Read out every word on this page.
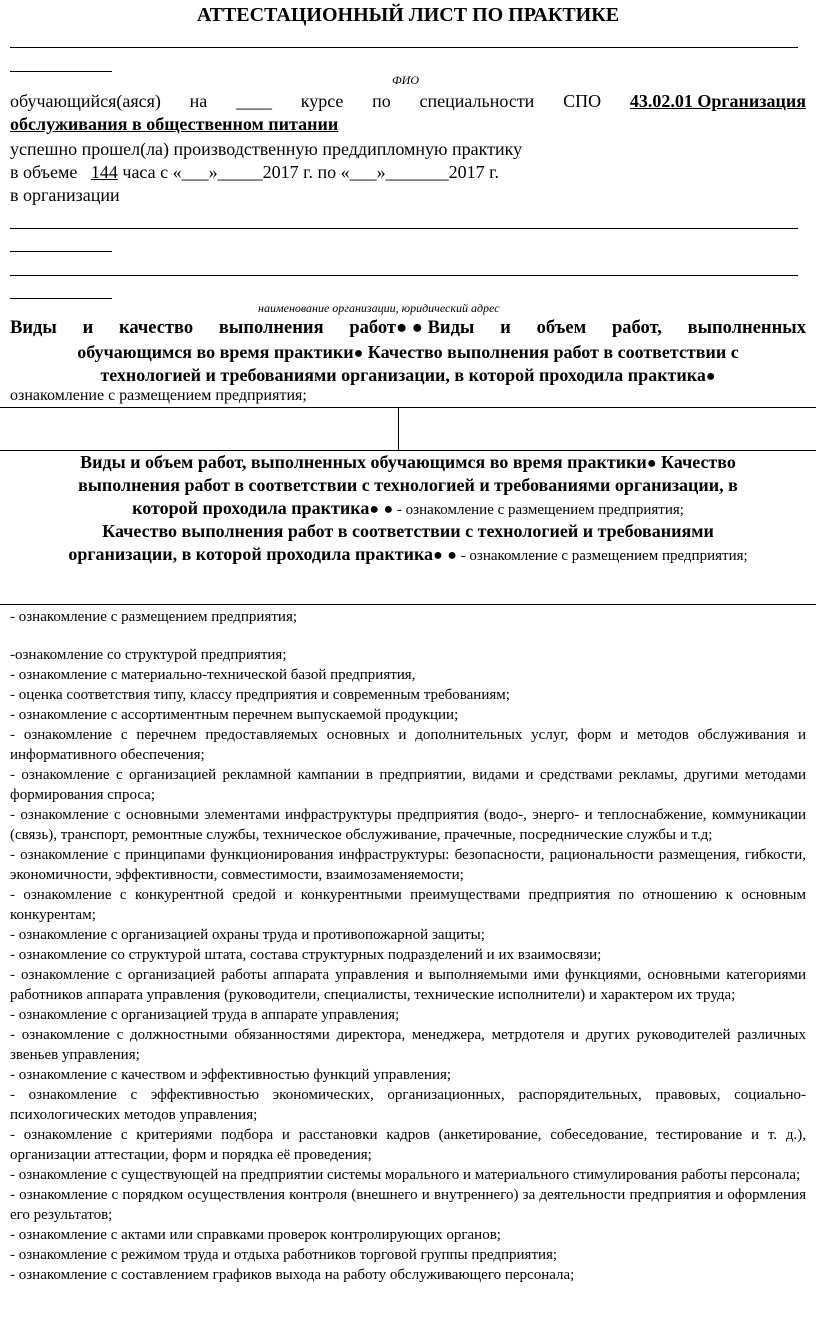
АТТЕСТАЦИОННЫЙ ЛИСТ ПО ПРАКТИКЕ
ФИО
обучающийся(аяся) на ____ курсе по специальности СПО 43.02.01 Организация
обслуживания в общественном питании
успешно прошел(ла) производственную преддипломную практику
в объеме 144 часа с «___»_____2017 г. по «___»_______2017 г.
в организации
наименование организации, юридический адрес
Виды и качество выполнения работ● ● Виды и объем работ, выполненных
обучающимся во время практики● Качество выполнения работ в соответствии с
технологией и требованиями организации, в которой проходила практика●
ознакомление с размещением предприятия;
Виды и объем работ, выполненных обучающимся во время практики● Качество
выполнения работ в соответствии с технологией и требованиями организации, в
которой проходила практика● ● - ознакомление с размещением предприятия;
Качество выполнения работ в соответствии с технологией и требованиями
организации, в которой проходила практика● ● - ознакомление с размещением предприятия;
- ознакомление с размещением предприятия;
-ознакомление со структурой предприятия;
- ознакомление с материально-технической базой предприятия,
- оценка соответствия типу, классу предприятия и современным требованиям;
- ознакомление с ассортиментным перечнем выпускаемой продукции;
- ознакомление с перечнем предоставляемых основных и дополнительных услуг, форм и методов обслуживания и информативного обеспечения;
- ознакомление с организацией рекламной кампании в предприятии, видами и средствами рекламы, другими методами формирования спроса;
- ознакомление с основными элементами инфраструктуры предприятия (водо-, энерго- и теплоснабжение, коммуникации (связь), транспорт, ремонтные службы, техническое обслуживание, прачечные, посреднические службы и т.д;
- ознакомление с принципами функционирования инфраструктуры: безопасности, рациональности размещения, гибкости, экономичности, эффективности, совместимости, взаимозаменяемости;
- ознакомление с конкурентной средой и конкурентными преимуществами предприятия по отношению к основным конкурентам;
- ознакомление с организацией охраны труда и противопожарной защиты;
- ознакомление со структурой штата, состава структурных подразделений и их взаимосвязи;
- ознакомление с организацией работы аппарата управления и выполняемыми ими функциями, основными категориями работников аппарата управления (руководители, специалисты, технические исполнители) и характером их труда;
- ознакомление с организацией труда в аппарате управления;
- ознакомление с должностными обязанностями директора, менеджера, метрдотеля и других руководителей различных звеньев управления;
- ознакомление с качеством и эффективностью функций управления;
- ознакомление с эффективностью экономических, организационных, распорядительных, правовых, социально-психологических методов управления;
- ознакомление с критериями подбора и расстановки кадров (анкетирование, собеседование, тестирование и т. д.), организации аттестации, форм и порядка её проведения;
- ознакомление с существующей на предприятии системы морального и материального стимулирования работы персонала;
- ознакомление с порядком осуществления контроля (внешнего и внутреннего) за деятельности предприятия и оформления его результатов;
- ознакомление с актами или справками проверок контролирующих органов;
- ознакомление с режимом труда и отдыха работников торговой группы предприятия;
- ознакомление с составлением графиков выхода на работу обслуживающего персонала;
